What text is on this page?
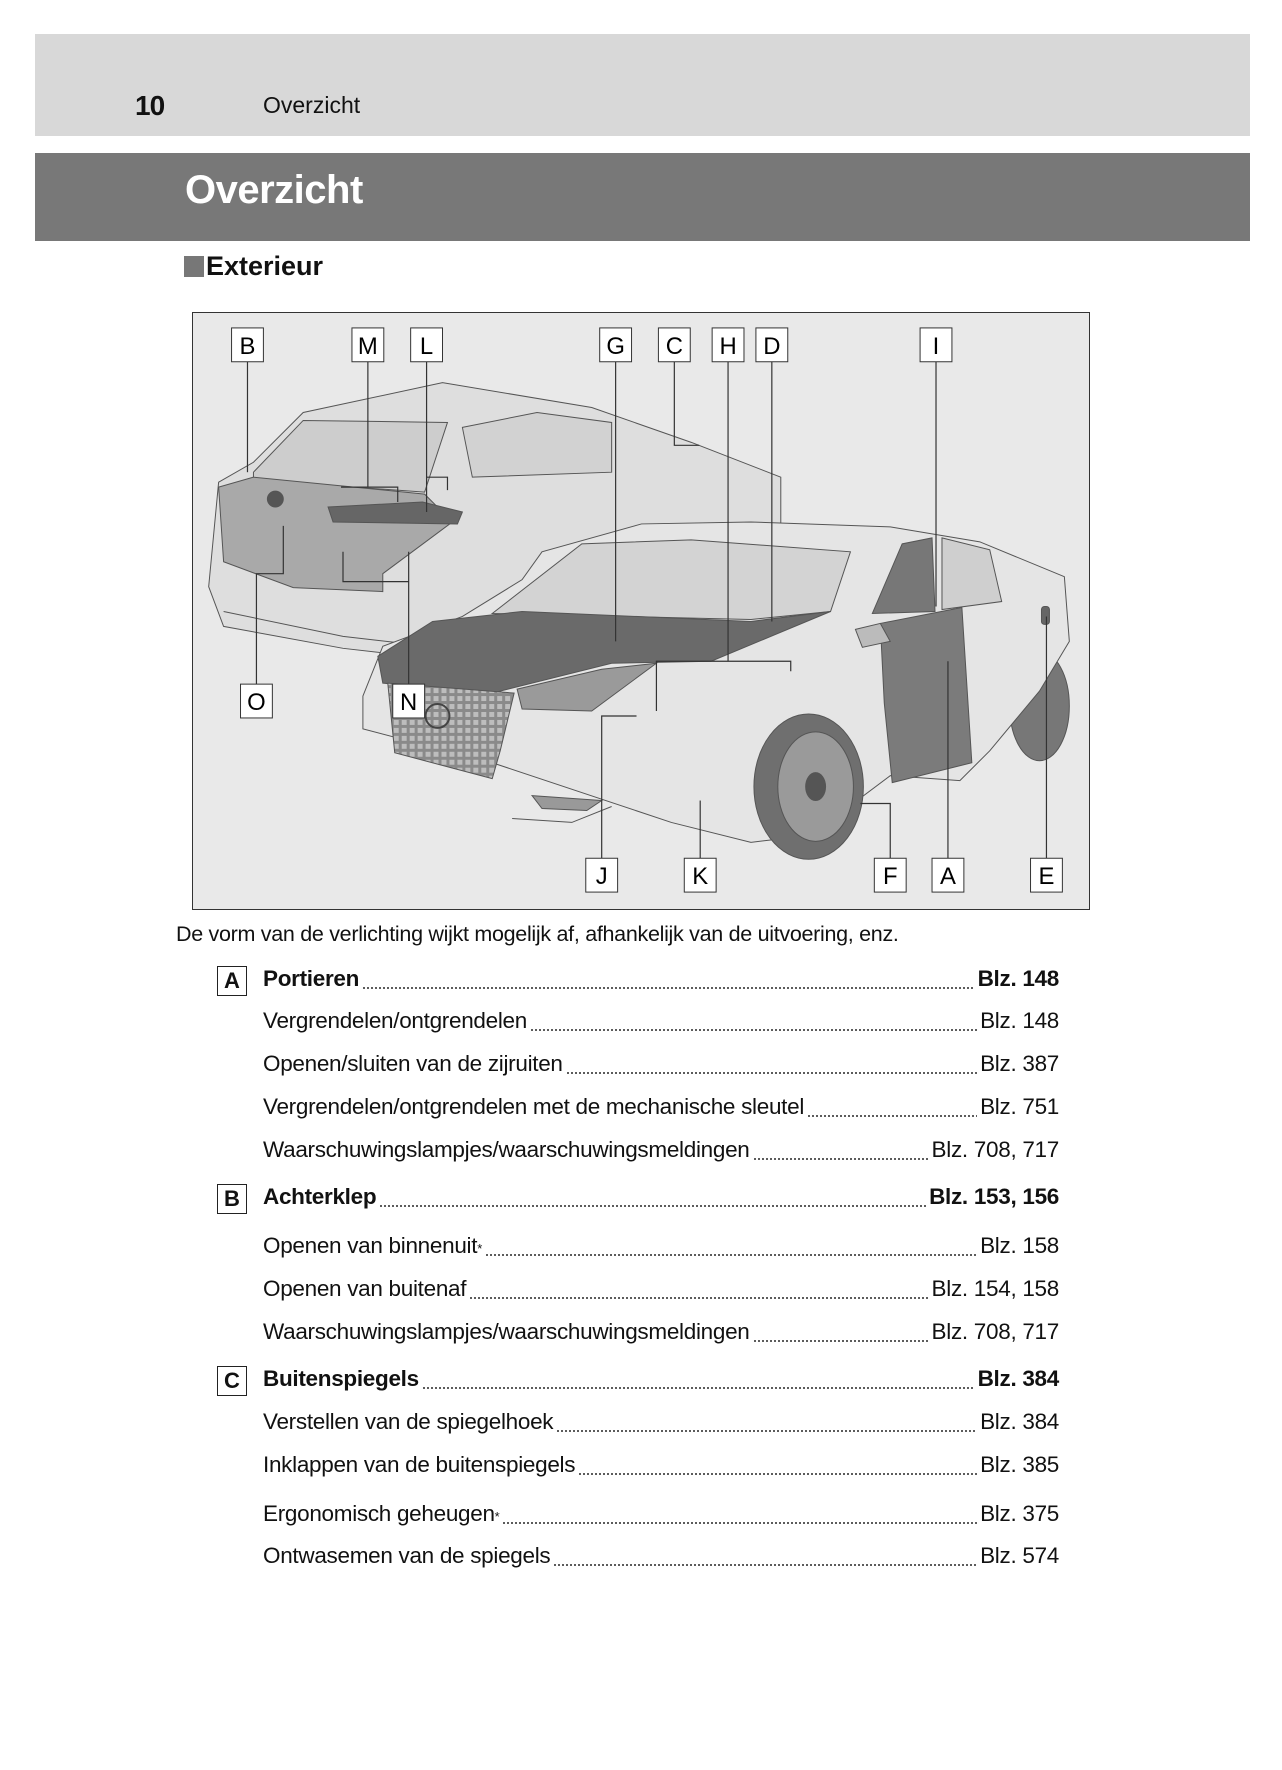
10	Overzicht
Overzicht
Exterieur
B	M L	G C H D	I
O	N
J	K	F A	E
De vorm van de verlichting wijkt mogelijk af, afhankelijk van de uitvoering, enz.
A	Portieren	Blz. 148
Vergrendelen/ontgrendelen	Blz. 148
Openen/sluiten van de zijruiten	Blz. 387
Vergrendelen/ontgrendelen met de mechanische sleutel	Blz. 751
Waarschuwingslampjes/waarschuwingsmeldingen	Blz. 708, 717
B	Achterklep	Blz. 153, 156
Openen van binnenuit *	Blz. 158
Openen van buitenaf	Blz. 154, 158
Waarschuwingslampjes/waarschuwingsmeldingen	Blz. 708, 717
C	Buitenspiegels	Blz. 384
Verstellen van de spiegelhoek	Blz. 384
Inklappen van de buitenspiegels	Blz. 385
Ergonomisch geheugen *	Blz. 375
Ontwasemen van de spiegels	Blz. 574
